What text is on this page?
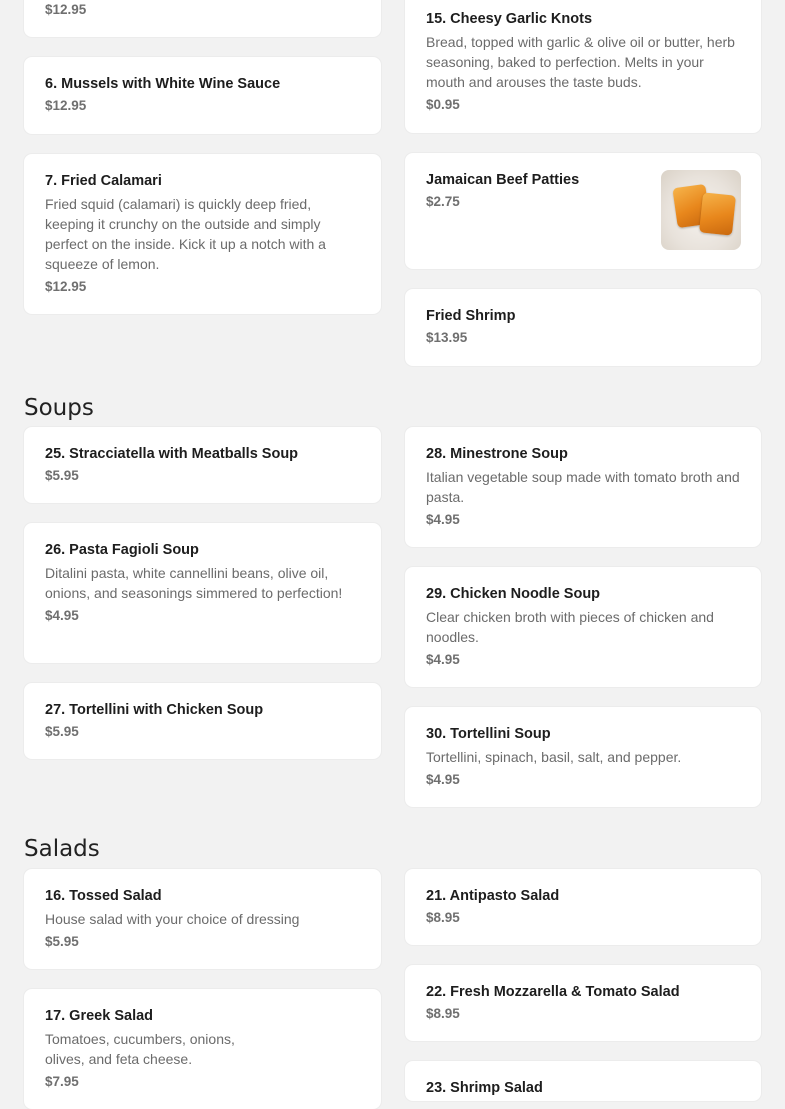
$12.95
6. Mussels with White Wine Sauce
$12.95
7. Fried Calamari
Fried squid (calamari) is quickly deep fried, keeping it crunchy on the outside and simply perfect on the inside. Kick it up a notch with a squeeze of lemon.
$12.95
15. Cheesy Garlic Knots
Bread, topped with garlic & olive oil or butter, herb seasoning, baked to perfection. Melts in your mouth and arouses the taste buds.
$0.95
Jamaican Beef Patties
$2.75
Fried Shrimp
$13.95
Soups
25. Stracciatella with Meatballs Soup
$5.95
26. Pasta Fagioli Soup
Ditalini pasta, white cannellini beans, olive oil, onions, and seasonings simmered to perfection!
$4.95
27. Tortellini with Chicken Soup
$5.95
28. Minestrone Soup
Italian vegetable soup made with tomato broth and pasta.
$4.95
29. Chicken Noodle Soup
Clear chicken broth with pieces of chicken and noodles.
$4.95
30. Tortellini Soup
Tortellini, spinach, basil, salt, and pepper.
$4.95
Salads
16. Tossed Salad
House salad with your choice of dressing
$5.95
17. Greek Salad
Tomatoes, cucumbers, onions, olives, and feta cheese.
$7.95
21. Antipasto Salad
$8.95
22. Fresh Mozzarella & Tomato Salad
$8.95
23. Shrimp Salad
